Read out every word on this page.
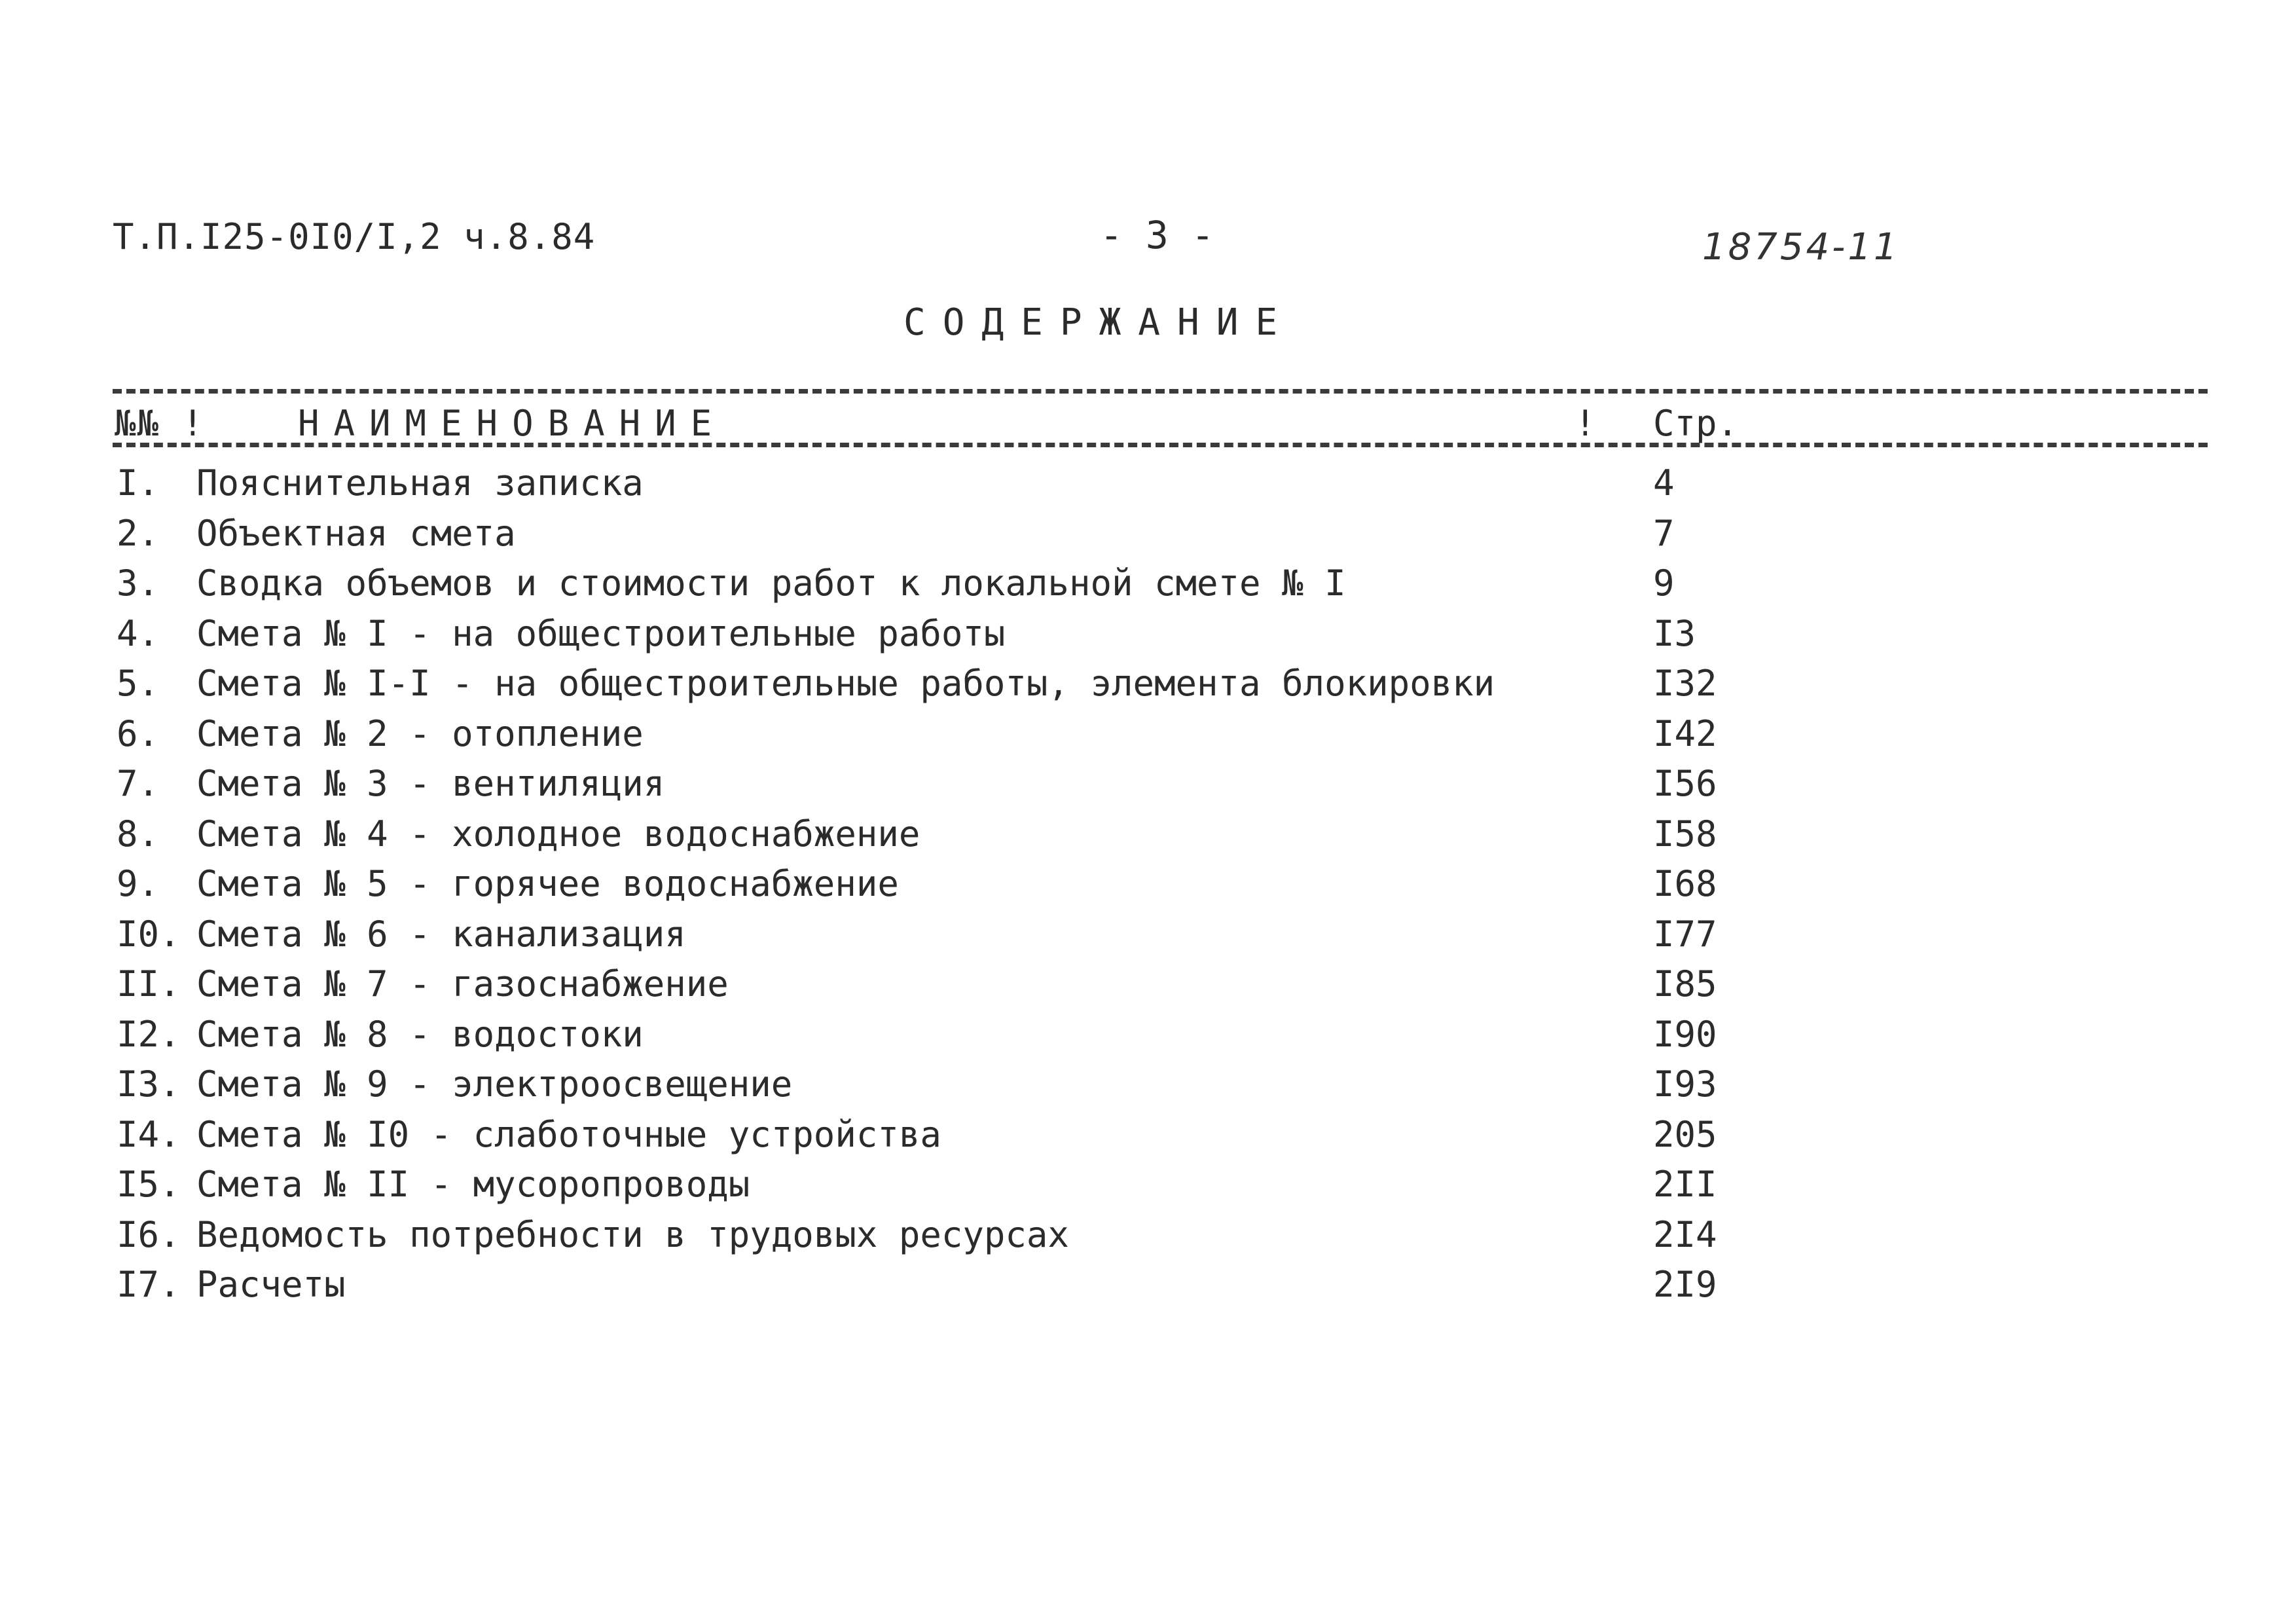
Т.П.I25-0I0/I,2 ч.8.84	- 3 -	18754-11
СОДЕРЖАНИЕ
№№ !	НАИМЕНОВАНИЕ	! Стр.
I. Пояснительная записка	4
2. Объектная смета	7
3. Сводка объемов и стоимости работ к локальной смете № I	9
4. Смета № I - на общестроительные работы	I3
5. Смета № I-I - на общестроительные работы, элемента блокировки	I32
6. Смета № 2 - отопление	I42
7. Смета № 3 - вентиляция	I56
8. Смета № 4 - холодное водоснабжение	I58
9. Смета № 5 - горячее водоснабжение	I68
I0. Смета № 6 - канализация	I77
II. Смета № 7 - газоснабжение	I85
I2. Смета № 8 - водостоки	I90
I3. Смета № 9 - электроосвещение	I93
I4. Смета № I0 - слаботочные устройства	205
I5. Смета № II - мусоропроводы	2II
I6. Ведомость потребности в трудовых ресурсах	2I4
I7. Расчеты	2I9
